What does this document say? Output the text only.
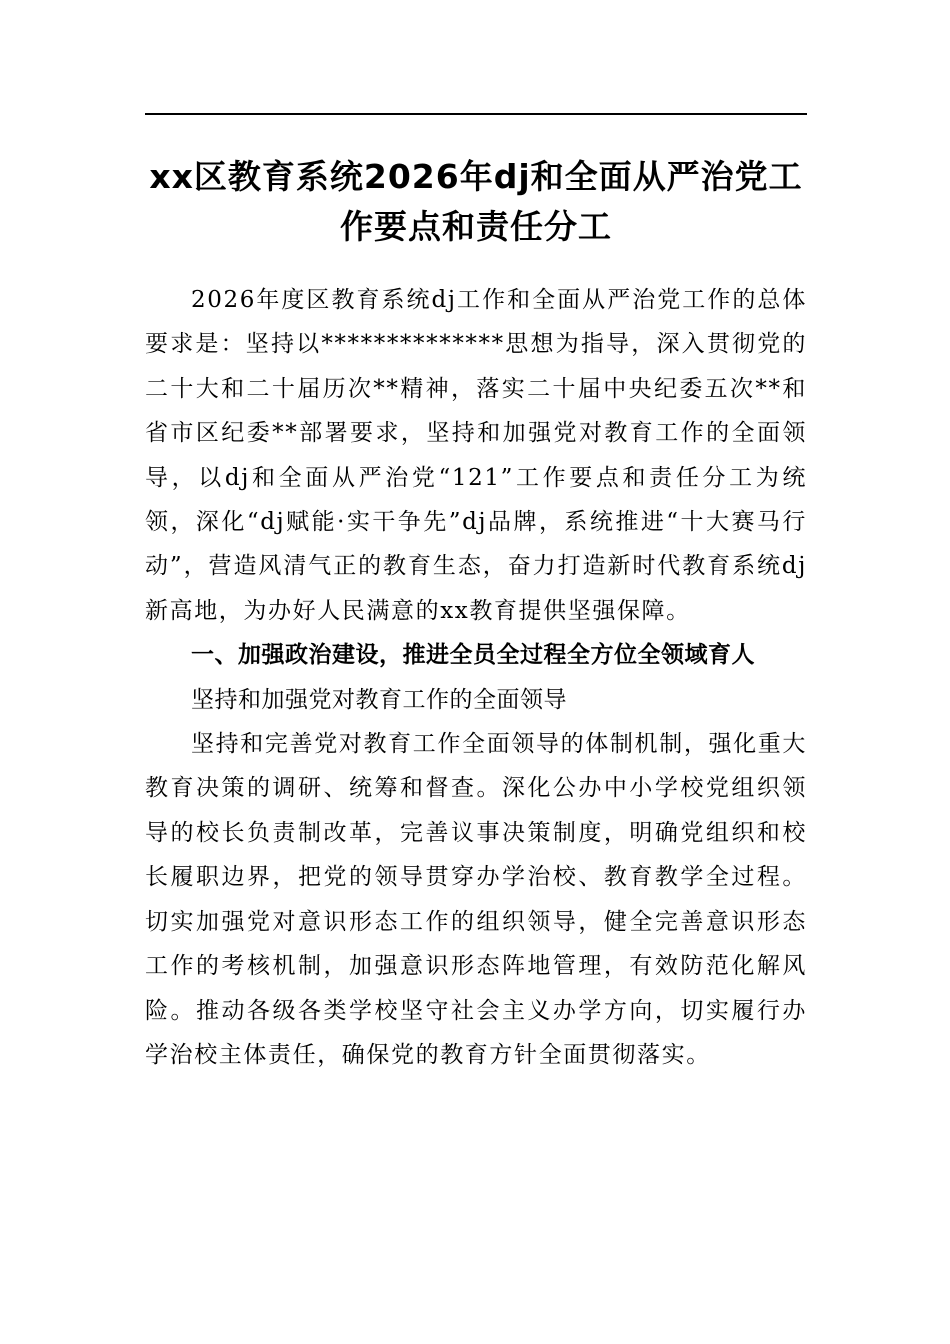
xx区教育系统2026年dj和全面从严治党工作要点和责任分工

2026年度区教育系统dj工作和全面从严治党工作的总体要求是：坚持以**************思想为指导，深入贯彻党的二十大和二十届历次**精神，落实二十届中央纪委五次**和省市区纪委**部署要求，坚持和加强党对教育工作的全面领导，以dj和全面从严治党“121”工作要点和责任分工为统领，深化“dj赋能·实干争先”dj品牌，系统推进“十大赛马行动”，营造风清气正的教育生态，奋力打造新时代教育系统dj新高地，为办好人民满意的xx教育提供坚强保障。

一、加强政治建设，推进全员全过程全方位全领域育人

坚持和加强党对教育工作的全面领导

坚持和完善党对教育工作全面领导的体制机制，强化重大教育决策的调研、统筹和督查。深化公办中小学校党组织领导的校长负责制改革，完善议事决策制度，明确党组织和校长履职边界，把党的领导贯穿办学治校、教育教学全过程。切实加强党对意识形态工作的组织领导，健全完善意识形态工作的考核机制，加强意识形态阵地管理，有效防范化解风险。推动各级各类学校坚守社会主义办学方向，切实履行办学治校主体责任，确保党的教育方针全面贯彻落实。
